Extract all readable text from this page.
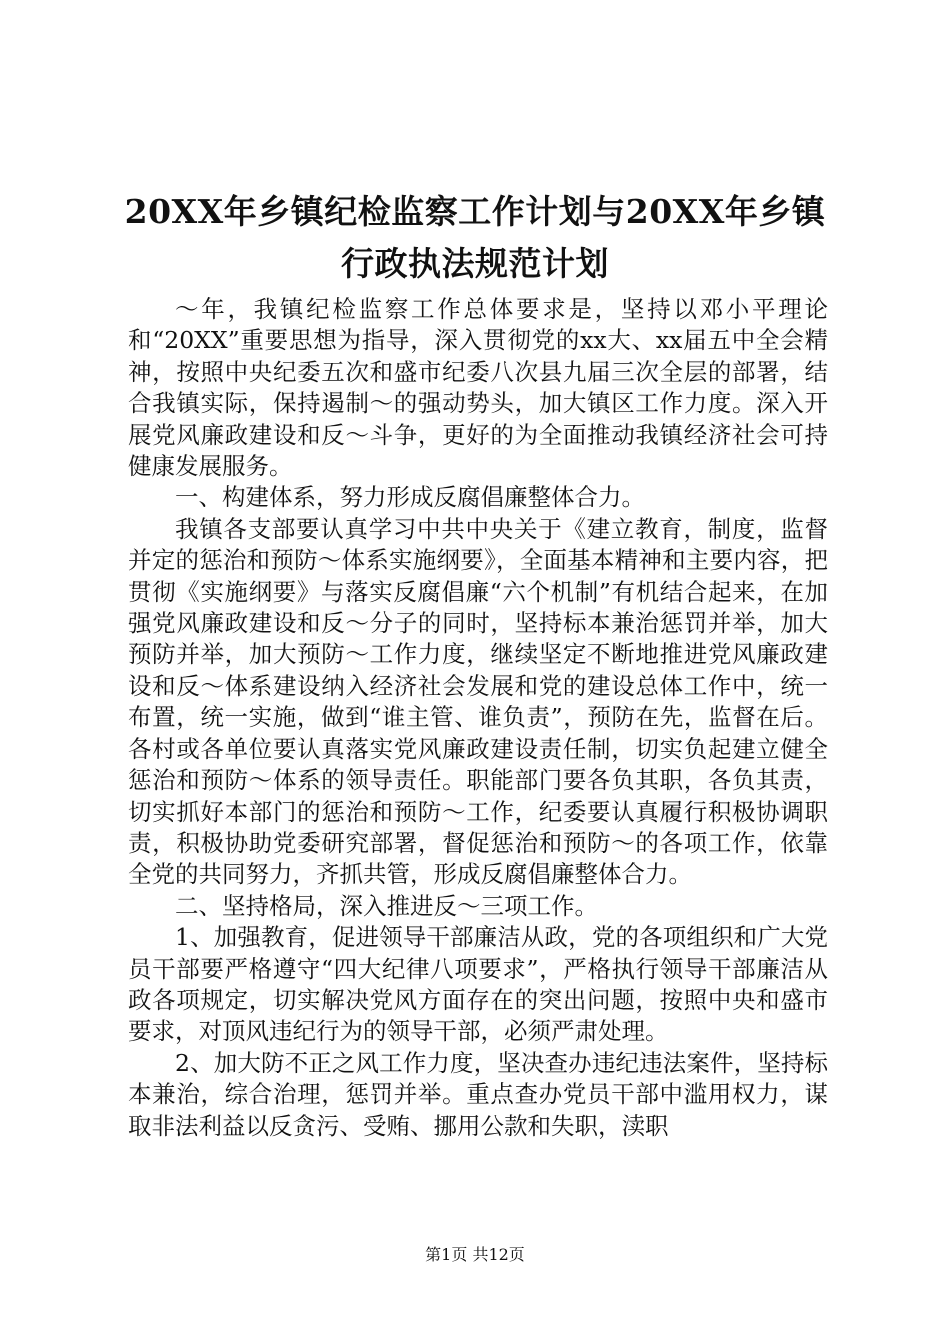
20XX年乡镇纪检监察工作计划与20XX年乡镇
行政执法规范计划

～年，我镇纪检监察工作总体要求是，坚持以邓小平理论和“20XX”重要思想为指导，深入贯彻党的xx大、xx届五中全会精神，按照中央纪委五次和盛市纪委八次县九届三次全层的部署，结合我镇实际，保持遏制～的强动势头，加大镇区工作力度。深入开展党风廉政建设和反～斗争，更好的为全面推动我镇经济社会可持健康发展服务。

一、构建体系，努力形成反腐倡廉整体合力。

我镇各支部要认真学习中共中央关于《建立教育，制度，监督并定的惩治和预防～体系实施纲要》，全面基本精神和主要内容，把贯彻《实施纲要》与落实反腐倡廉“六个机制”有机结合起来，在加强党风廉政建设和反～分子的同时，坚持标本兼治惩罚并举，加大预防并举，加大预防～工作力度，继续坚定不断地推进党风廉政建设和反～体系建设纳入经济社会发展和党的建设总体工作中，统一布置，统一实施，做到“谁主管、谁负责”，预防在先，监督在后。各村或各单位要认真落实党风廉政建设责任制，切实负起建立健全惩治和预防～体系的领导责任。职能部门要各负其职，各负其责，切实抓好本部门的惩治和预防～工作，纪委要认真履行积极协调职责，积极协助党委研究部署，督促惩治和预防～的各项工作，依靠全党的共同努力，齐抓共管，形成反腐倡廉整体合力。

二、坚持格局，深入推进反～三项工作。

1、加强教育，促进领导干部廉洁从政，党的各项组织和广大党员干部要严格遵守“四大纪律八项要求”，严格执行领导干部廉洁从政各项规定，切实解决党风方面存在的突出问题，按照中央和盛市要求，对顶风违纪行为的领导干部，必须严肃处理。

2、加大防不正之风工作力度，坚决查办违纪违法案件，坚持标本兼治，综合治理，惩罚并举。重点查办党员干部中滥用权力，谋取非法利益以反贪污、受贿、挪用公款和失职，渎职

第1页 共12页
